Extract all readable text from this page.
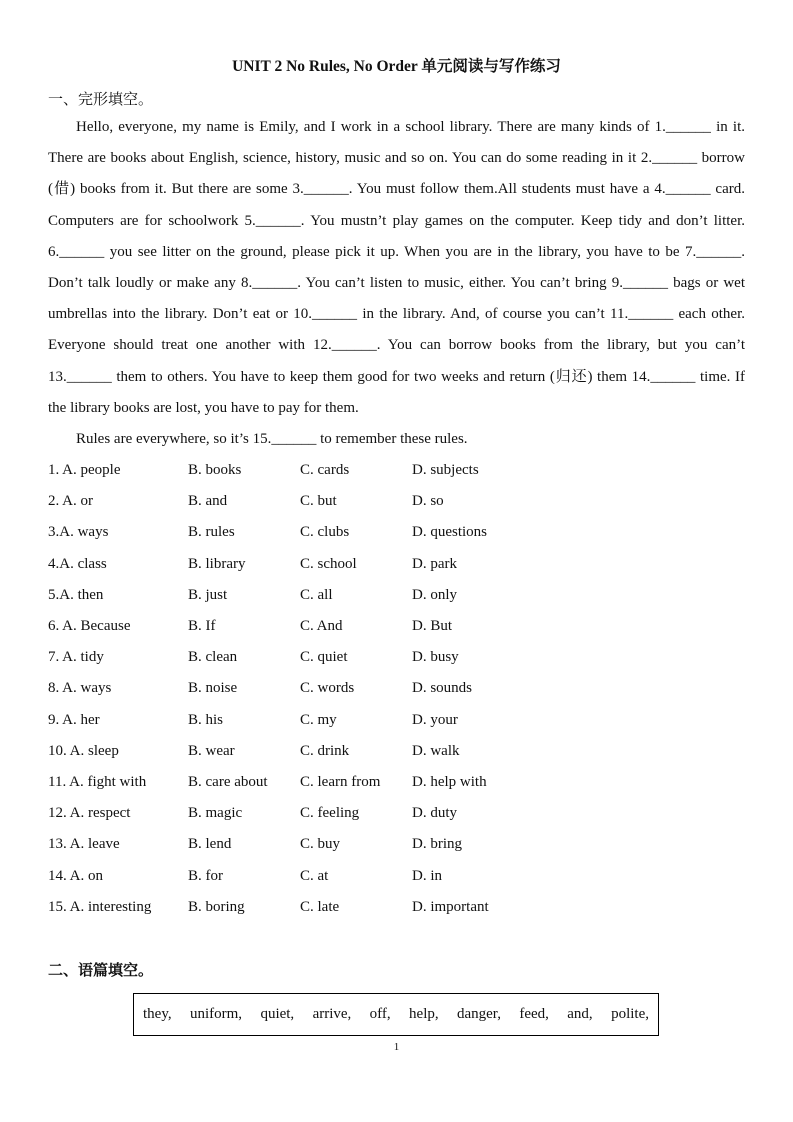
UNIT 2 No Rules, No Order 单元阅读与写作练习
一、完形填空。

Hello, everyone, my name is Emily, and I work in a school library. There are many kinds of 1.______ in it. There are books about English, science, history, music and so on. You can do some reading in it 2.______ borrow (借) books from it. But there are some 3.______. You must follow them.All students must have a 4.______ card. Computers are for schoolwork 5.______. You mustn’t play games on the computer. Keep tidy and don’t litter. 6.______ you see litter on the ground, please pick it up. When you are in the library, you have to be 7.______. Don’t talk loudly or make any 8.______. You can’t listen to music, either. You can’t bring 9.______ bags or wet umbrellas into the library. Don’t eat or 10.______ in the library. And, of course you can’t 11.______ each other. Everyone should treat one another with 12.______. You can borrow books from the library, but you can’t 13.______ them to others. You have to keep them good for two weeks and return (归还) them 14.______ time. If the library books are lost, you have to pay for them.

Rules are everywhere, so it’s 15.______ to remember these rules.

1. A. people	B. books	C. cards	D. subjects
2. A. or	B. and	C. but	D. so
3.A. ways	B. rules	C. clubs	D. questions
4.A. class	B. library	C. school	D. park
5.A. then	B. just	C. all	D. only
6. A. Because	B. If	C. And	D. But
7. A. tidy	B. clean	C. quiet	D. busy
8. A. ways	B. noise	C. words	D. sounds
9. A. her	B. his	C. my	D. your
10. A. sleep	B. wear	C. drink	D. walk
11. A. fight with	B. care about	C. learn from	D. help with
12. A. respect	B. magic	C. feeling	D. duty
13. A. leave	B. lend	C. buy	D. bring
14. A. on	B. for	C. at	D. in
15. A. interesting	B. boring	C. late	D. important
二、语篇填空。
they, uniform, quiet, arrive, off, help, danger, feed, and, polite,
1
